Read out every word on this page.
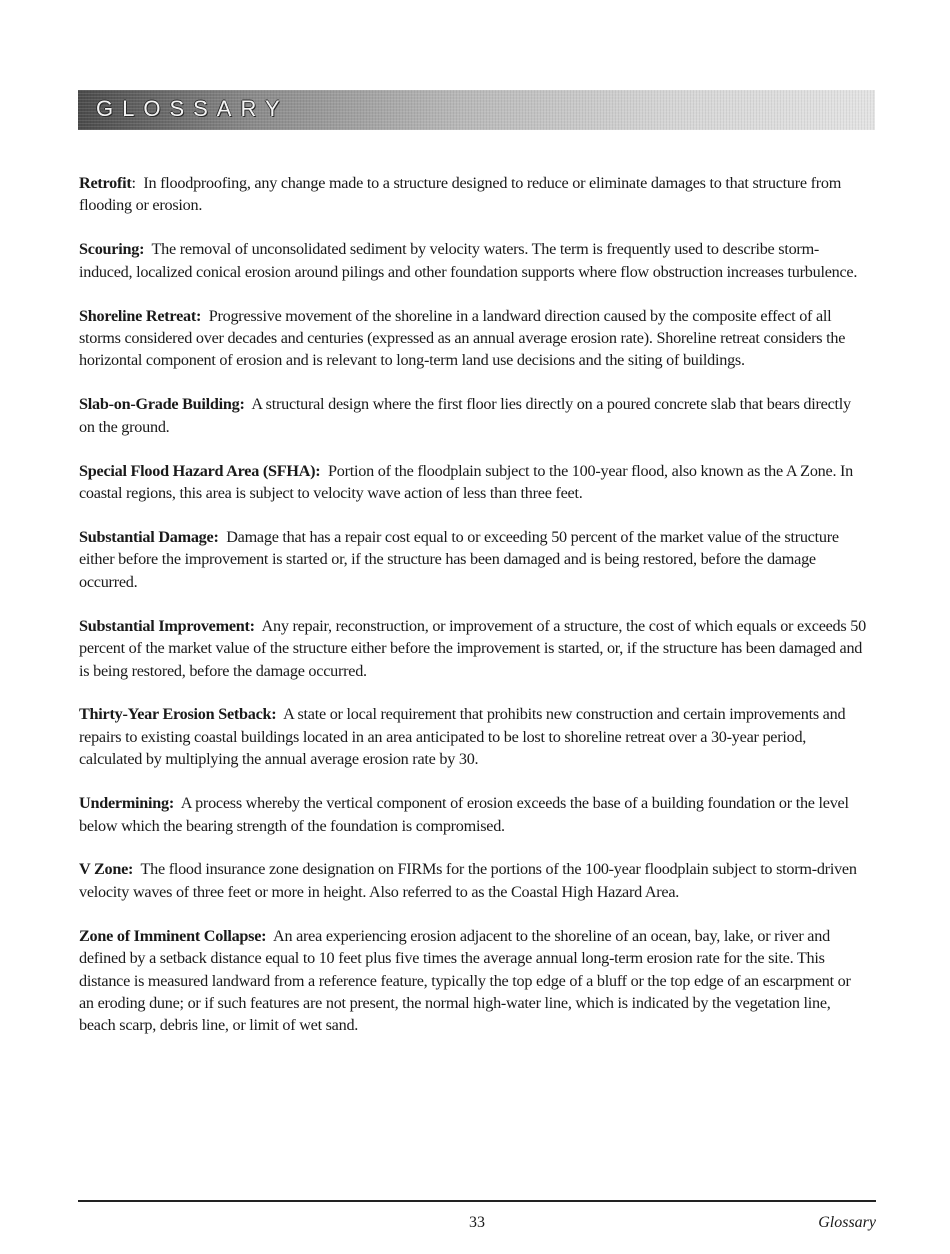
GLOSSARY

Retrofit:  In floodproofing, any change made to a structure designed to reduce or eliminate damages to that structure from flooding or erosion.

Scouring: The removal of unconsolidated sediment by velocity waters. The term is frequently used to describe storm-induced, localized conical erosion around pilings and other foundation supports where flow obstruction increases turbulence.

Shoreline Retreat: Progressive movement of the shoreline in a landward direction caused by the composite effect of all storms considered over decades and centuries (expressed as an annual average erosion rate). Shoreline retreat considers the horizontal component of erosion and is relevant to long-term land use decisions and the siting of buildings.

Slab-on-Grade Building: A structural design where the first floor lies directly on a poured concrete slab that bears directly on the ground.

Special Flood Hazard Area (SFHA): Portion of the floodplain subject to the 100-year flood, also known as the A Zone. In coastal regions, this area is subject to velocity wave action of less than three feet.

Substantial Damage: Damage that has a repair cost equal to or exceeding 50 percent of the market value of the structure either before the improvement is started or, if the structure has been damaged and is being restored, before the damage occurred.

Substantial Improvement: Any repair, reconstruction, or improvement of a structure, the cost of which equals or exceeds 50 percent of the market value of the structure either before the improvement is started, or, if the structure has been damaged and is being restored, before the damage occurred.

Thirty-Year Erosion Setback: A state or local requirement that prohibits new construction and certain improvements and repairs to existing coastal buildings located in an area anticipated to be lost to shoreline retreat over a 30-year period, calculated by multiplying the annual average erosion rate by 30.

Undermining: A process whereby the vertical component of erosion exceeds the base of a building foundation or the level below which the bearing strength of the foundation is compromised.

V Zone: The flood insurance zone designation on FIRMs for the portions of the 100-year floodplain subject to storm-driven velocity waves of three feet or more in height. Also referred to as the Coastal High Hazard Area.

Zone of Imminent Collapse: An area experiencing erosion adjacent to the shoreline of an ocean, bay, lake, or river and defined by a setback distance equal to 10 feet plus five times the average annual long-term erosion rate for the site. This distance is measured landward from a reference feature, typically the top edge of a bluff or the top edge of an escarpment or an eroding dune; or if such features are not present, the normal high-water line, which is indicated by the vegetation line, beach scarp, debris line, or limit of wet sand.

33	Glossary
